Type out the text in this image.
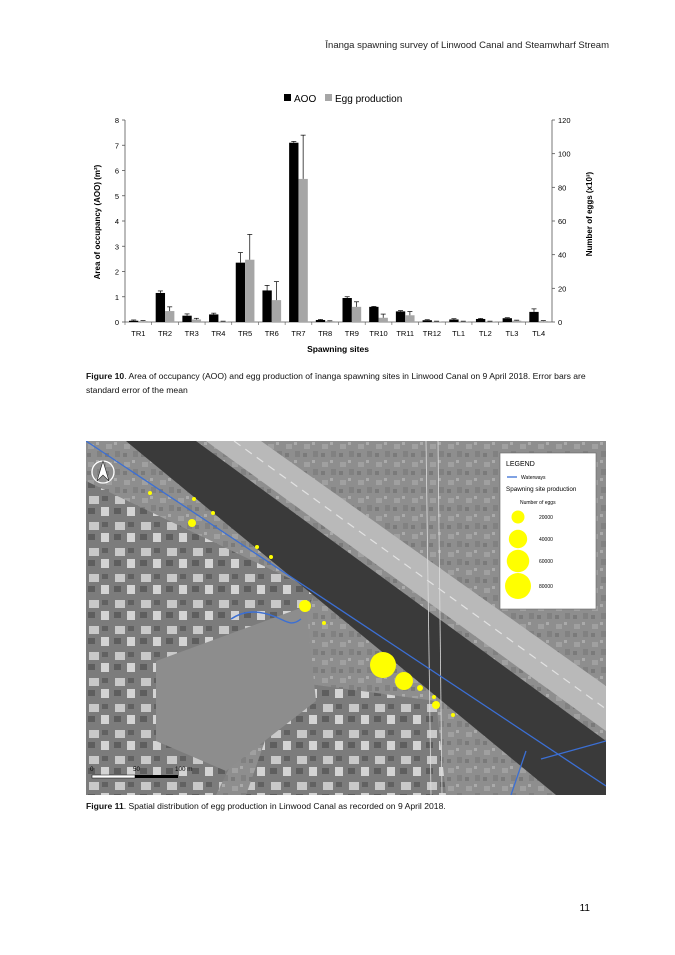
Īnanga spawning survey of Linwood Canal and Steamwharf Stream
0
1
2
3
4
5
6
7
8
0
20
40
60
80
100
120
TR1 TR2 TR3 TR4 TR5 TR6 TR7 TR8 TR9 TR10 TR11 TR12 TL1 TL2 TL3 TL4
AOO Egg production
Spawning sites
Area of occupancy (AOO) (m²)	Number of eggs (x10³)
Figure 10. Area of occupancy (AOO) and egg production of īnanga spawning sites in Linwood Canal on 9 April 2018. Error bars are standard error of the mean
LEGEND
Waterways
Spawning site production
Number of eggs
20000
40000
60000
80000
0	50	100 m
Figure 11. Spatial distribution of egg production in Linwood Canal as recorded on 9 April 2018.
11
